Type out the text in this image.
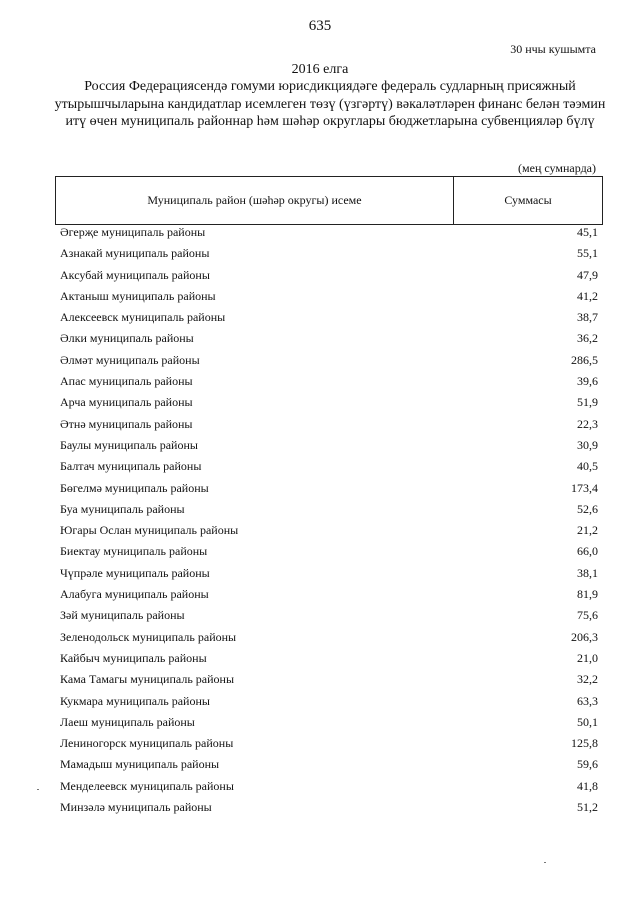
635
30 нчы кушымта
2016 елга
Россия Федерациясендә гомуми юрисдикциядәге федераль судларның присяжный утырышчыларына кандидатлар исемлеген төзү (үзгәртү) вәкаләтләрен финанс белән тәэмин итү өчен муниципаль районнар һәм шәһәр округлары бюджетларына субвенцияләр бүлү
(мең сумнарда)
Муниципаль район (шәһәр округы) исеме	Суммасы
Әгерҗе муниципаль районы	45,1
Азнакай муниципаль районы	55,1
Аксубай муниципаль районы	47,9
Актаныш муниципаль районы	41,2
Алексеевск муниципаль районы	38,7
Әлки муниципаль районы	36,2
Әлмәт муниципаль районы	286,5
Апас муниципаль районы	39,6
Арча муниципаль районы	51,9
Әтнә муниципаль районы	22,3
Баулы муниципаль районы	30,9
Балтач муниципаль районы	40,5
Бөгелмә муниципаль районы	173,4
Буа муниципаль районы	52,6
Югары Ослан муниципаль районы	21,2
Биектау муниципаль районы	66,0
Чүпрәле муниципаль районы	38,1
Алабуга муниципаль районы	81,9
Зәй муниципаль районы	75,6
Зеленодольск муниципаль районы	206,3
Кайбыч муниципаль районы	21,0
Кама Тамагы муниципаль районы	32,2
Кукмара муниципаль районы	63,3
Лаеш муниципаль районы	50,1
Лениногорск муниципаль районы	125,8
Мамадыш муниципаль районы	59,6
Менделеевск муниципаль районы	41,8
Минзәлә муниципаль районы	51,2
